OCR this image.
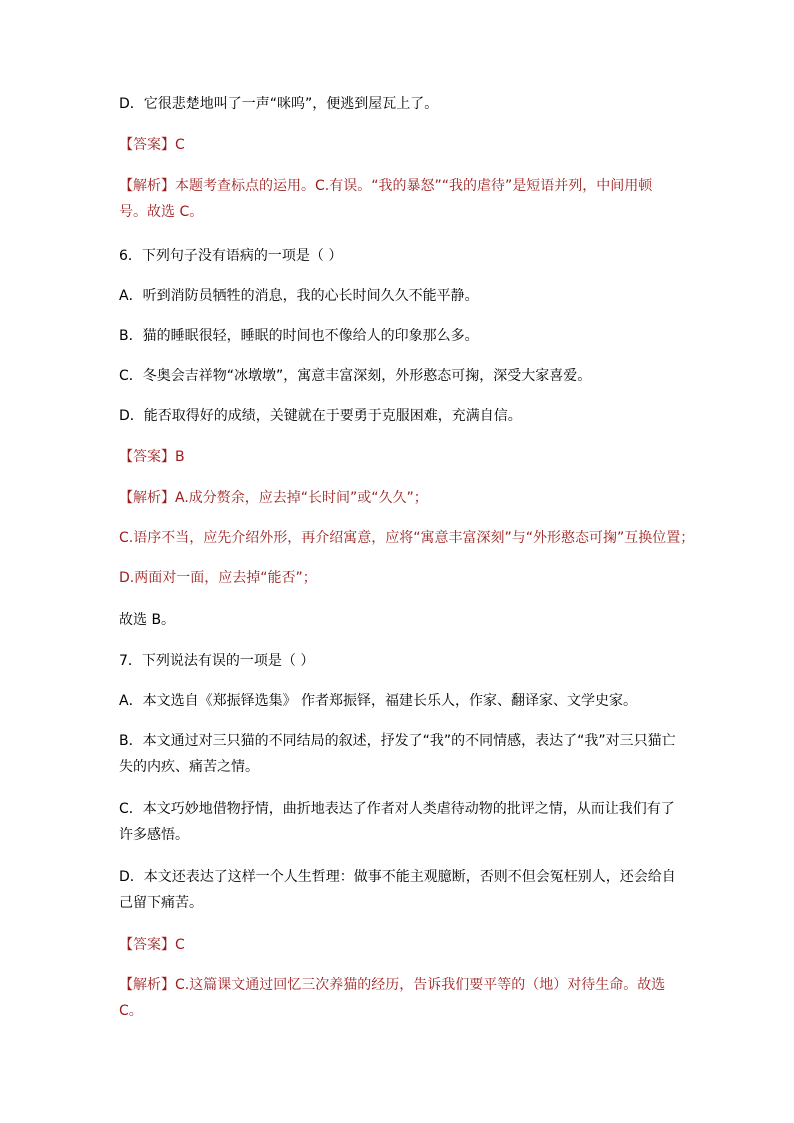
D．它很悲楚地叫了一声“咪呜”，便逃到屋瓦上了。
【答案】C
【解析】本题考查标点的运用。C.有误。“我的暴怒”“我的虐待”是短语并列，中间用顿号。故选 C。
6．下列句子没有语病的一项是（ ）
A．听到消防员牺牲的消息，我的心长时间久久不能平静。
B．猫的睡眠很轻，睡眠的时间也不像给人的印象那么多。
C．冬奥会吉祥物“冰墩墩”，寓意丰富深刻，外形憨态可掬，深受大家喜爱。
D．能否取得好的成绩，关键就在于要勇于克服困难，充满自信。
【答案】B
【解析】A.成分赘余，应去掉“长时间”或“久久”；
C.语序不当，应先介绍外形，再介绍寓意，应将“寓意丰富深刻”与“外形憨态可掬”互换位置；
D.两面对一面，应去掉“能否”；
故选 B。
7．下列说法有误的一项是（ ）
A．本文选自《郑振铎选集》 作者郑振铎，福建长乐人，作家、翻译家、文学史家。
B．本文通过对三只猫的不同结局的叙述，抒发了“我”的不同情感，表达了“我”对三只猫亡失的内疚、痛苦之情。
C．本文巧妙地借物抒情，曲折地表达了作者对人类虐待动物的批评之情，从而让我们有了许多感悟。
D．本文还表达了这样一个人生哲理：做事不能主观臆断，否则不但会冤枉别人，还会给自己留下痛苦。
【答案】C
【解析】C.这篇课文通过回忆三次养猫的经历，告诉我们要平等的（地）对待生命。故选 C。
